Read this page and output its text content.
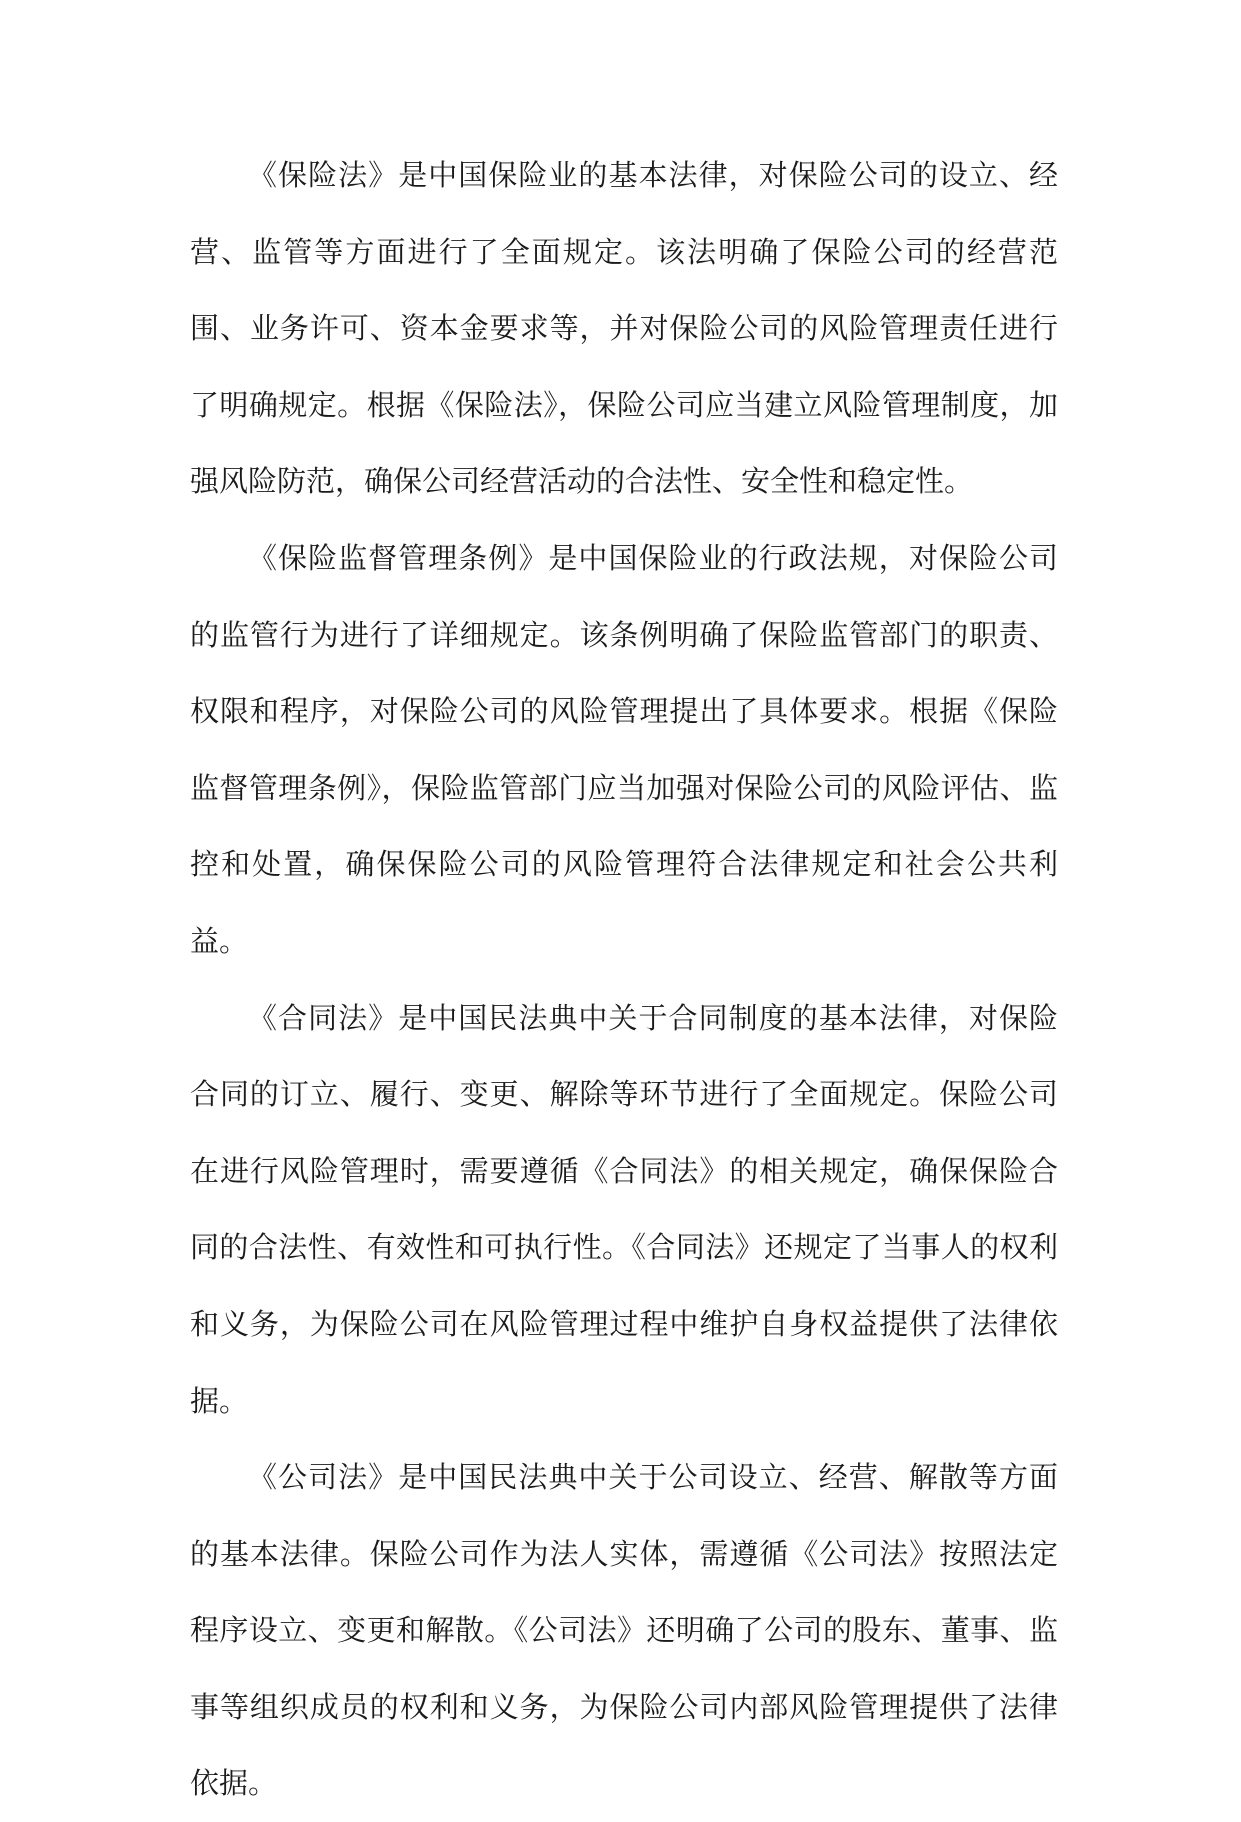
《保险法》是中国保险业的基本法律，对保险公司的设立、经营、监管等方面进行了全面规定。该法明确了保险公司的经营范围、业务许可、资本金要求等，并对保险公司的风险管理责任进行了明确规定。根据《保险法》，保险公司应当建立风险管理制度，加强风险防范，确保公司经营活动的合法性、安全性和稳定性。

《保险监督管理条例》是中国保险业的行政法规，对保险公司的监管行为进行了详细规定。该条例明确了保险监管部门的职责、权限和程序，对保险公司的风险管理提出了具体要求。根据《保险监督管理条例》，保险监管部门应当加强对保险公司的风险评估、监控和处置，确保保险公司的风险管理符合法律规定和社会公共利益。

《合同法》是中国民法典中关于合同制度的基本法律，对保险合同的订立、履行、变更、解除等环节进行了全面规定。保险公司在进行风险管理时，需要遵循《合同法》的相关规定，确保保险合同的合法性、有效性和可执行性。《合同法》还规定了当事人的权利和义务，为保险公司在风险管理过程中维护自身权益提供了法律依据。

《公司法》是中国民法典中关于公司设立、经营、解散等方面的基本法律。保险公司作为法人实体，需遵循《公司法》按照法定程序设立、变更和解散。《公司法》还明确了公司的股东、董事、监事等组织成员的权利和义务，为保险公司内部风险管理提供了法律依据。
